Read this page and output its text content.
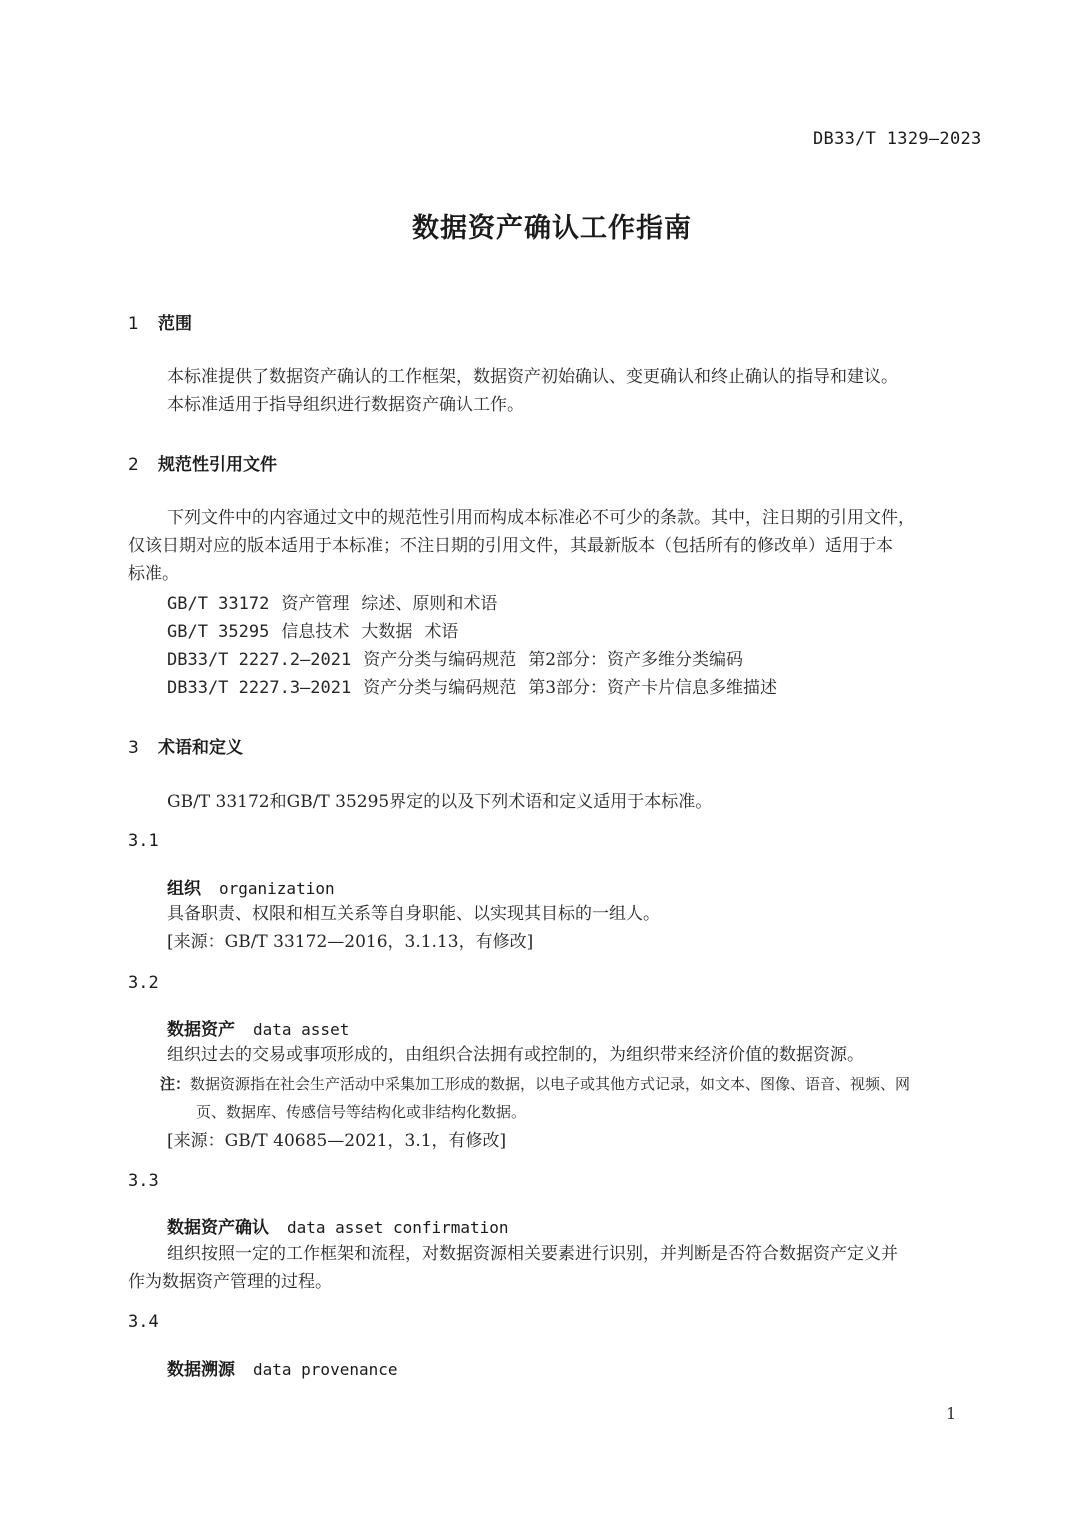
DB33/T 1329—2023
数据资产确认工作指南
1 范围
本标准提供了数据资产确认的工作框架，数据资产初始确认、变更确认和终止确认的指导和建议。
本标准适用于指导组织进行数据资产确认工作。
2 规范性引用文件
下列文件中的内容通过文中的规范性引用而构成本标准必不可少的条款。其中，注日期的引用文件，
仅该日期对应的版本适用于本标准；不注日期的引用文件，其最新版本（包括所有的修改单）适用于本
标准。
GB/T 33172 资产管理 综述、原则和术语
GB/T 35295 信息技术 大数据 术语
DB33/T 2227.2—2021 资产分类与编码规范 第2部分：资产多维分类编码
DB33/T 2227.3—2021 资产分类与编码规范 第3部分：资产卡片信息多维描述
3 术语和定义
GB/T 33172和GB/T 35295界定的以及下列术语和定义适用于本标准。
3.1
组织 organization
具备职责、权限和相互关系等自身职能、以实现其目标的一组人。
[来源：GB/T 33172—2016，3.1.13，有修改]
3.2
数据资产 data asset
组织过去的交易或事项形成的，由组织合法拥有或控制的，为组织带来经济价值的数据资源。
注：数据资源指在社会生产活动中采集加工形成的数据，以电子或其他方式记录，如文本、图像、语音、视频、网
页、数据库、传感信号等结构化或非结构化数据。
[来源：GB/T 40685—2021，3.1，有修改]
3.3
数据资产确认 data asset confirmation
组织按照一定的工作框架和流程，对数据资源相关要素进行识别，并判断是否符合数据资产定义并
作为数据资产管理的过程。
3.4
数据溯源 data provenance
1
